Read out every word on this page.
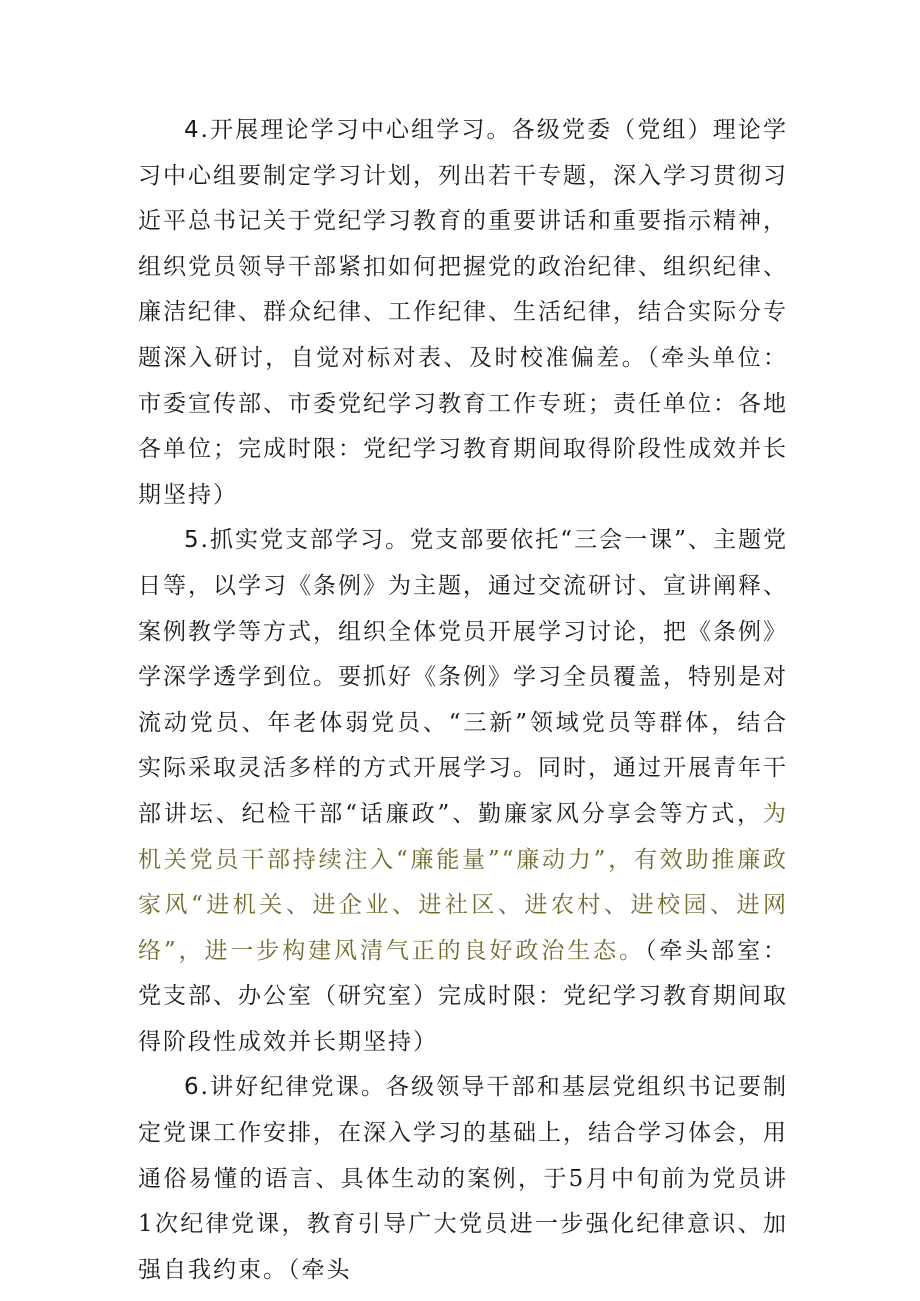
4.开展理论学习中心组学习。各级党委（党组）理论学习中心组要制定学习计划，列出若干专题，深入学习贯彻习近平总书记关于党纪学习教育的重要讲话和重要指示精神，组织党员领导干部紧扣如何把握党的政治纪律、组织纪律、廉洁纪律、群众纪律、工作纪律、生活纪律，结合实际分专题深入研讨，自觉对标对表、及时校准偏差。（牵头单位：市委宣传部、市委党纪学习教育工作专班；责任单位：各地各单位；完成时限：党纪学习教育期间取得阶段性成效并长期坚持）

5.抓实党支部学习。党支部要依托“三会一课”、主题党日等，以学习《条例》为主题，通过交流研讨、宣讲阐释、案例教学等方式，组织全体党员开展学习讨论，把《条例》学深学透学到位。要抓好《条例》学习全员覆盖，特别是对流动党员、年老体弱党员、“三新”领域党员等群体，结合实际采取灵活多样的方式开展学习。同时，通过开展青年干部讲坛、纪检干部“话廉政”、勤廉家风分享会等方式，为机关党员干部持续注入“廉能量”“廉动力”，有效助推廉政家风“进机关、进企业、进社区、进农村、进校园、进网络”，进一步构建风清气正的良好政治生态。（牵头部室：党支部、办公室（研究室）完成时限：党纪学习教育期间取得阶段性成效并长期坚持）

6.讲好纪律党课。各级领导干部和基层党组织书记要制定党课工作安排，在深入学习的基础上，结合学习体会，用通俗易懂的语言、具体生动的案例，于5月中旬前为党员讲1次纪律党课，教育引导广大党员进一步强化纪律意识、加强自我约束。（牵头
